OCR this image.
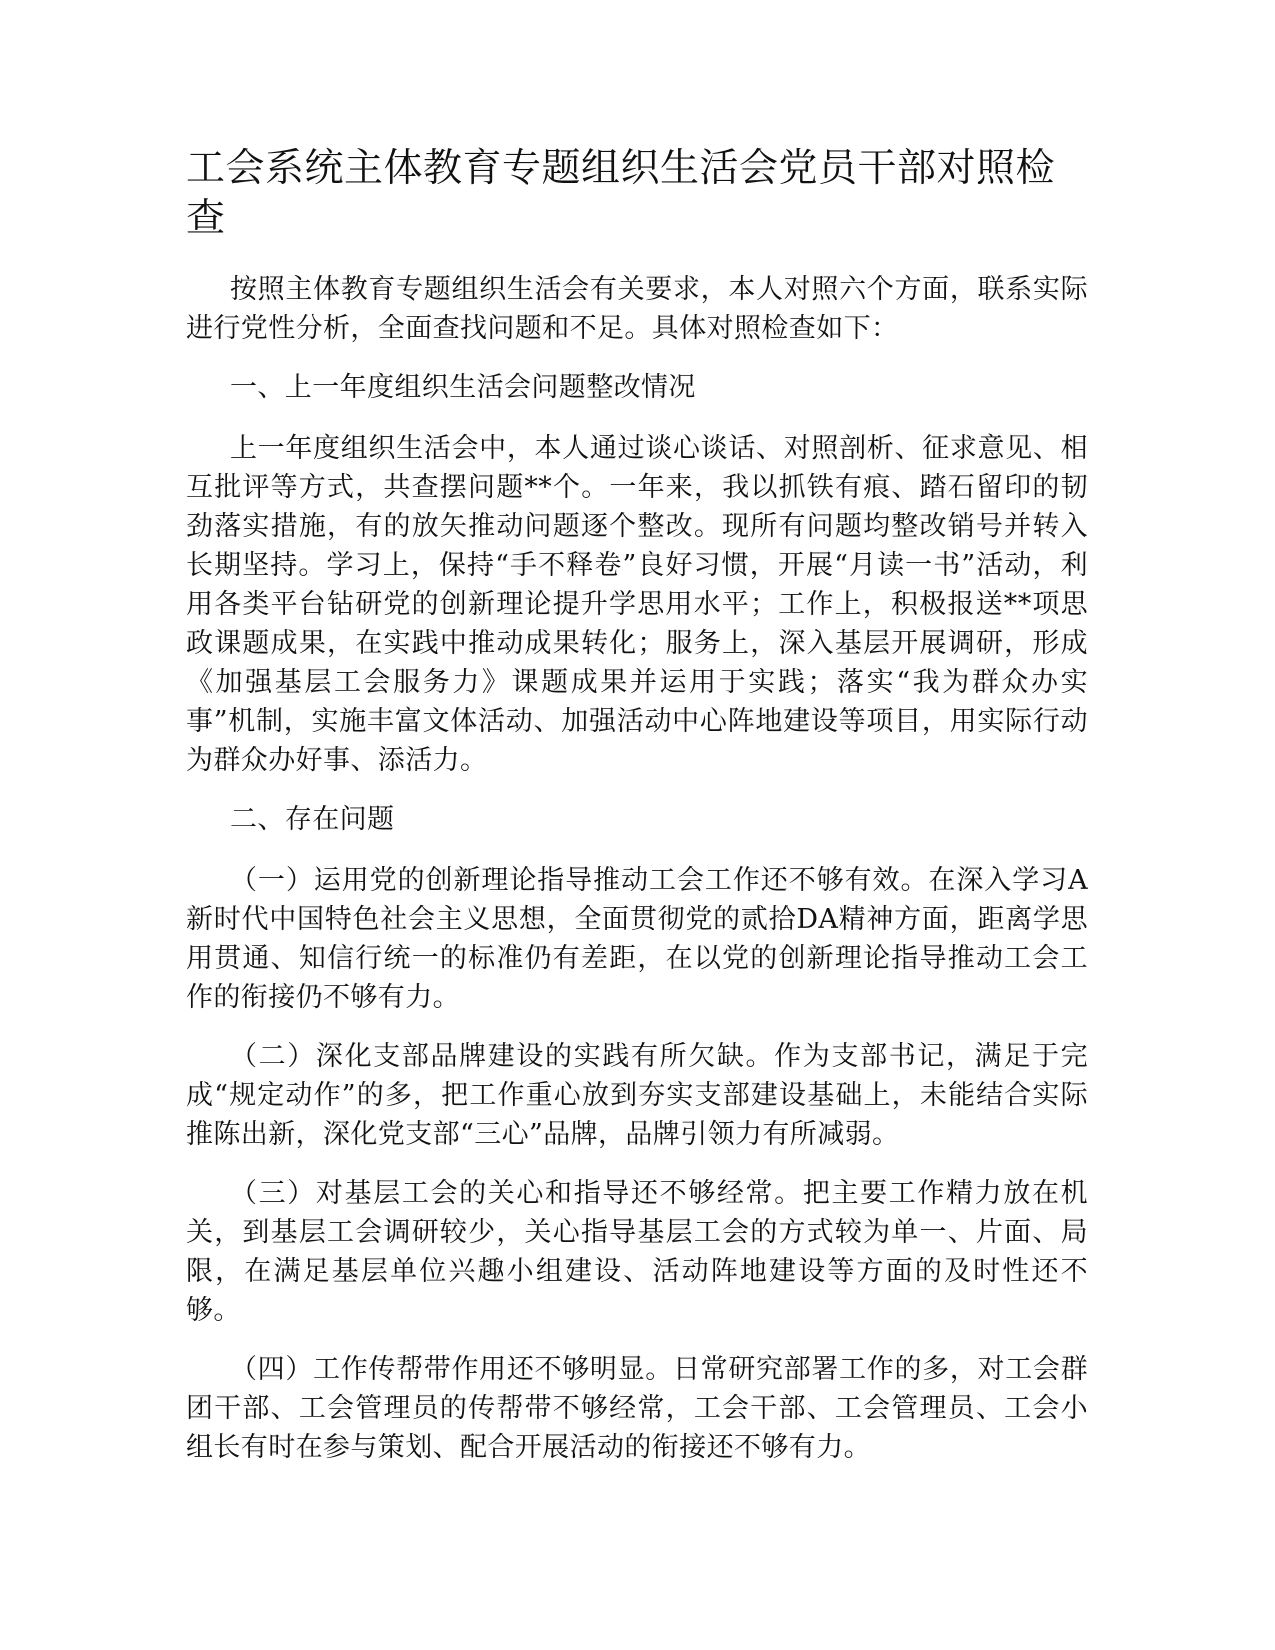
工会系统主体教育专题组织生活会党员干部对照检查

按照主体教育专题组织生活会有关要求，本人对照六个方面，联系实际进行党性分析，全面查找问题和不足。具体对照检查如下：

一、上一年度组织生活会问题整改情况

上一年度组织生活会中，本人通过谈心谈话、对照剖析、征求意见、相互批评等方式，共查摆问题**个。一年来，我以抓铁有痕、踏石留印的韧劲落实措施，有的放矢推动问题逐个整改。现所有问题均整改销号并转入长期坚持。学习上，保持“手不释卷”良好习惯，开展“月读一书”活动，利用各类平台钻研党的创新理论提升学思用水平；工作上，积极报送**项思政课题成果，在实践中推动成果转化；服务上，深入基层开展调研，形成《加强基层工会服务力》课题成果并运用于实践；落实“我为群众办实事”机制，实施丰富文体活动、加强活动中心阵地建设等项目，用实际行动为群众办好事、添活力。

二、存在问题

（一）运用党的创新理论指导推动工会工作还不够有效。在深入学习A新时代中国特色社会主义思想，全面贯彻党的贰拾DA精神方面，距离学思用贯通、知信行统一的标准仍有差距，在以党的创新理论指导推动工会工作的衔接仍不够有力。

（二）深化支部品牌建设的实践有所欠缺。作为支部书记，满足于完成“规定动作”的多，把工作重心放到夯实支部建设基础上，未能结合实际推陈出新，深化党支部“三心”品牌，品牌引领力有所减弱。

（三）对基层工会的关心和指导还不够经常。把主要工作精力放在机关，到基层工会调研较少，关心指导基层工会的方式较为单一、片面、局限，在满足基层单位兴趣小组建设、活动阵地建设等方面的及时性还不够。

（四）工作传帮带作用还不够明显。日常研究部署工作的多，对工会群团干部、工会管理员的传帮带不够经常，工会干部、工会管理员、工会小组长有时在参与策划、配合开展活动的衔接还不够有力。
